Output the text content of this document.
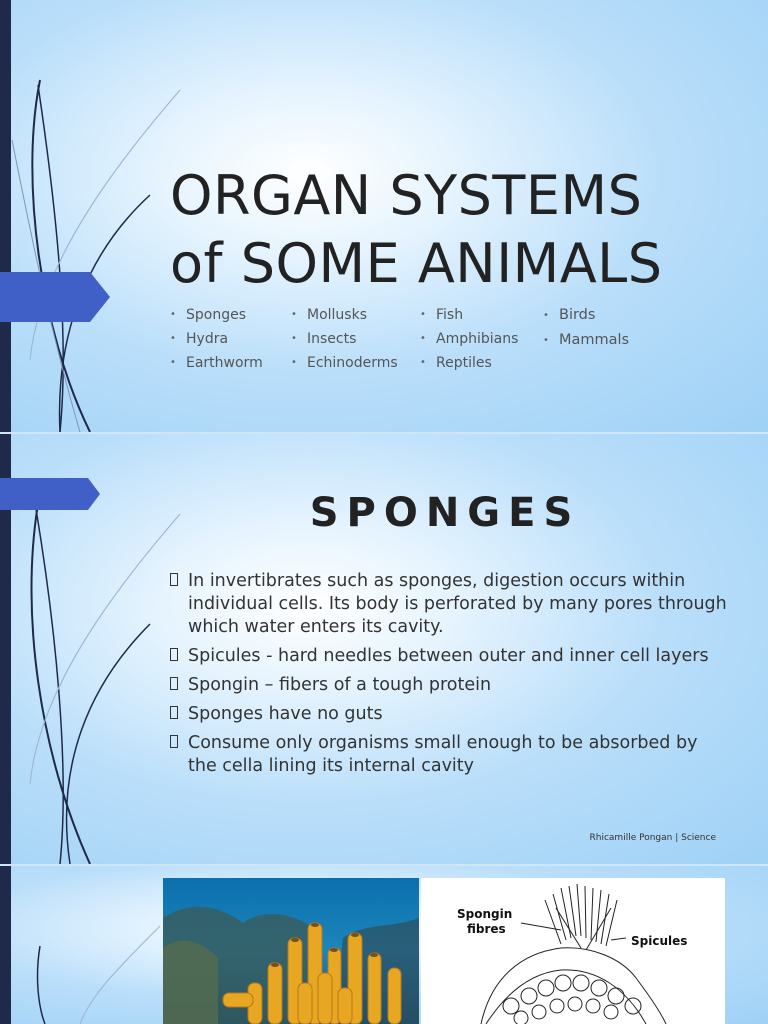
ORGAN SYSTEMS
of SOME ANIMALS
• Sponges
• Hydra
• Earthworm
• Mollusks
• Insects
• Echinoderms
• Fish
• Amphibians
• Reptiles
• Birds
• Mammals
SPONGES
In invertibrates such as sponges, digestion occurs within individual cells. Its body is perforated by many pores through which water enters its cavity.
Spicules - hard needles between outer and inner cell layers
Spongin – fibers of a tough protein
Sponges have no guts
Consume only organisms small enough to be absorbed by the cella lining its internal cavity
Rhicamille Pongan | Science
Spongin
fibres
Spicules
